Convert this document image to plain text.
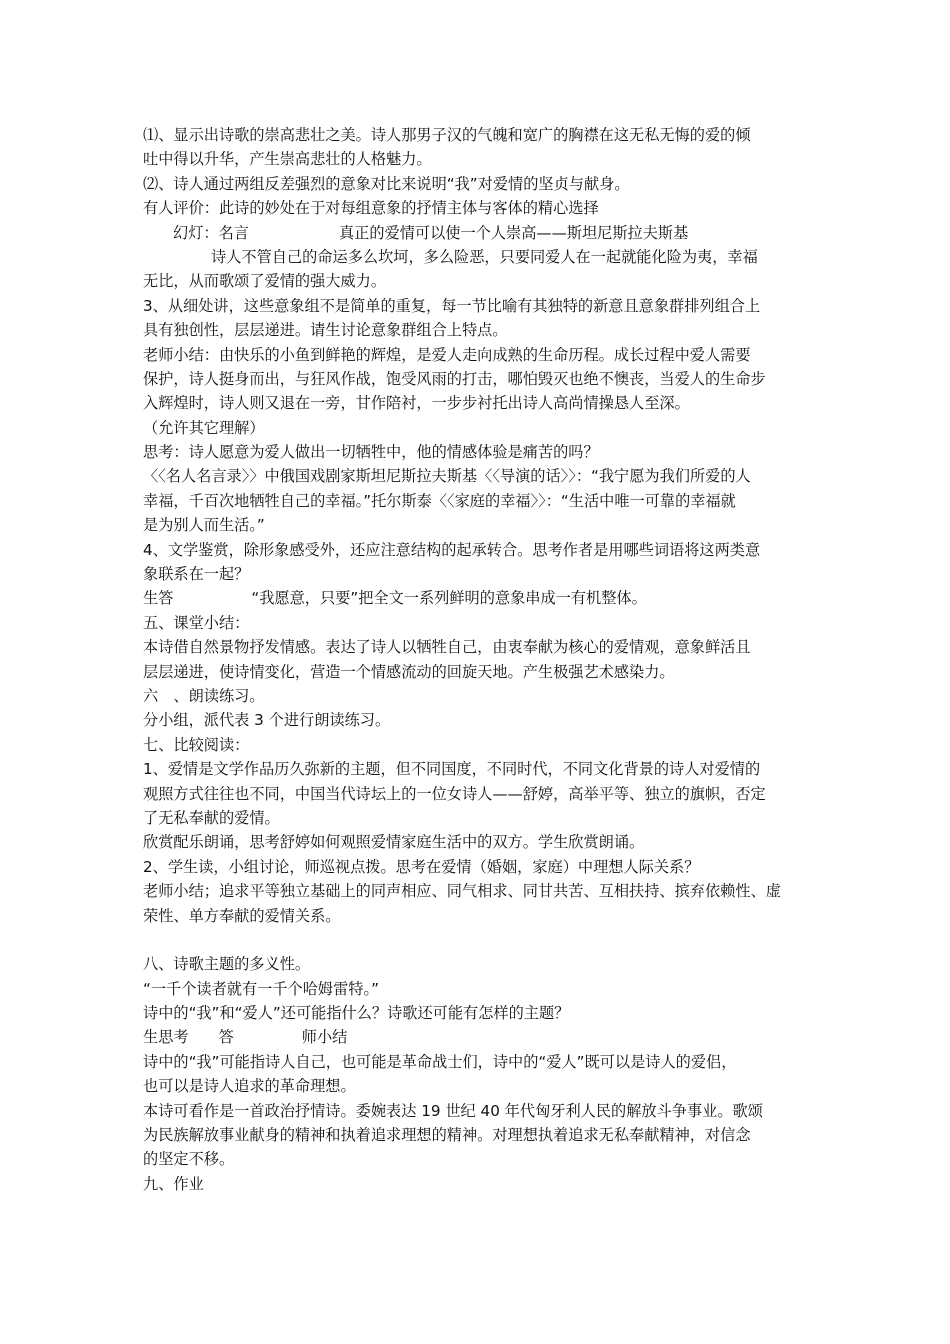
⑴、显示出诗歌的崇高悲壮之美。诗人那男子汉的气魄和宽广的胸襟在这无私无悔的爱的倾
吐中得以升华，产生崇高悲壮的人格魅力。
⑵、诗人通过两组反差强烈的意象对比来说明“我”对爱情的坚贞与献身。
有人评价：此诗的妙处在于对每组意象的抒情主体与客体的精心选择
幻灯：名言	真正的爱情可以使一个人崇高——斯坦尼斯拉夫斯基
诗人不管自己的命运多么坎坷，多么险恶，只要同爱人在一起就能化险为夷，幸福
无比，从而歌颂了爱情的强大威力。
3、从细处讲，这些意象组不是简单的重复，每一节比喻有其独特的新意且意象群排列组合上
具有独创性，层层递进。请生讨论意象群组合上特点。
老师小结：由快乐的小鱼到鲜艳的辉煌，是爱人走向成熟的生命历程。成长过程中爱人需要
保护，诗人挺身而出，与狂风作战，饱受风雨的打击，哪怕毁灭也绝不懊丧，当爱人的生命步
入辉煌时，诗人则又退在一旁，甘作陪衬，一步步衬托出诗人高尚情操恳人至深。
（允许其它理解）
思考：诗人愿意为爱人做出一切牺牲中，他的情感体验是痛苦的吗？
〈〈名人名言录〉〉中俄国戏剧家斯坦尼斯拉夫斯基〈〈导演的话〉〉：“我宁愿为我们所爱的人
幸福，千百次地牺牲自己的幸福。”托尔斯泰〈〈家庭的幸福〉〉：“生活中唯一可靠的幸福就
是为别人而生活。”
4、文学鉴赏，除形象感受外，还应注意结构的起承转合。思考作者是用哪些词语将这两类意
象联系在一起？
生答	“我愿意，只要”把全文一系列鲜明的意象串成一有机整体。
五、课堂小结：
本诗借自然景物抒发情感。表达了诗人以牺牲自己，由衷奉献为核心的爱情观，意象鲜活且
层层递进，使诗情变化，营造一个情感流动的回旋天地。产生极强艺术感染力。
六　、朗读练习。
分小组，派代表 3 个进行朗读练习。
七、比较阅读：
1、爱情是文学作品历久弥新的主题，但不同国度，不同时代，不同文化背景的诗人对爱情的
观照方式往往也不同，中国当代诗坛上的一位女诗人——舒婷，高举平等、独立的旗帜，否定
了无私奉献的爱情。
欣赏配乐朗诵，思考舒婷如何观照爱情家庭生活中的双方。学生欣赏朗诵。
2、学生读，小组讨论，师巡视点拨。思考在爱情（婚姻，家庭）中理想人际关系？
老师小结；追求平等独立基础上的同声相应、同气相求、同甘共苦、互相扶持、摈弃依赖性、虚
荣性、单方奉献的爱情关系。
八、诗歌主题的多义性。
“一千个读者就有一千个哈姆雷特。”
诗中的“我”和“爱人”还可能指什么？诗歌还可能有怎样的主题？
生思考 答	师小结
诗中的“我”可能指诗人自己，也可能是革命战士们，诗中的“爱人”既可以是诗人的爱侣，
也可以是诗人追求的革命理想。
本诗可看作是一首政治抒情诗。委婉表达 19 世纪 40 年代匈牙利人民的解放斗争事业。歌颂
为民族解放事业献身的精神和执着追求理想的精神。对理想执着追求无私奉献精神，对信念
的坚定不移。
九、作业
